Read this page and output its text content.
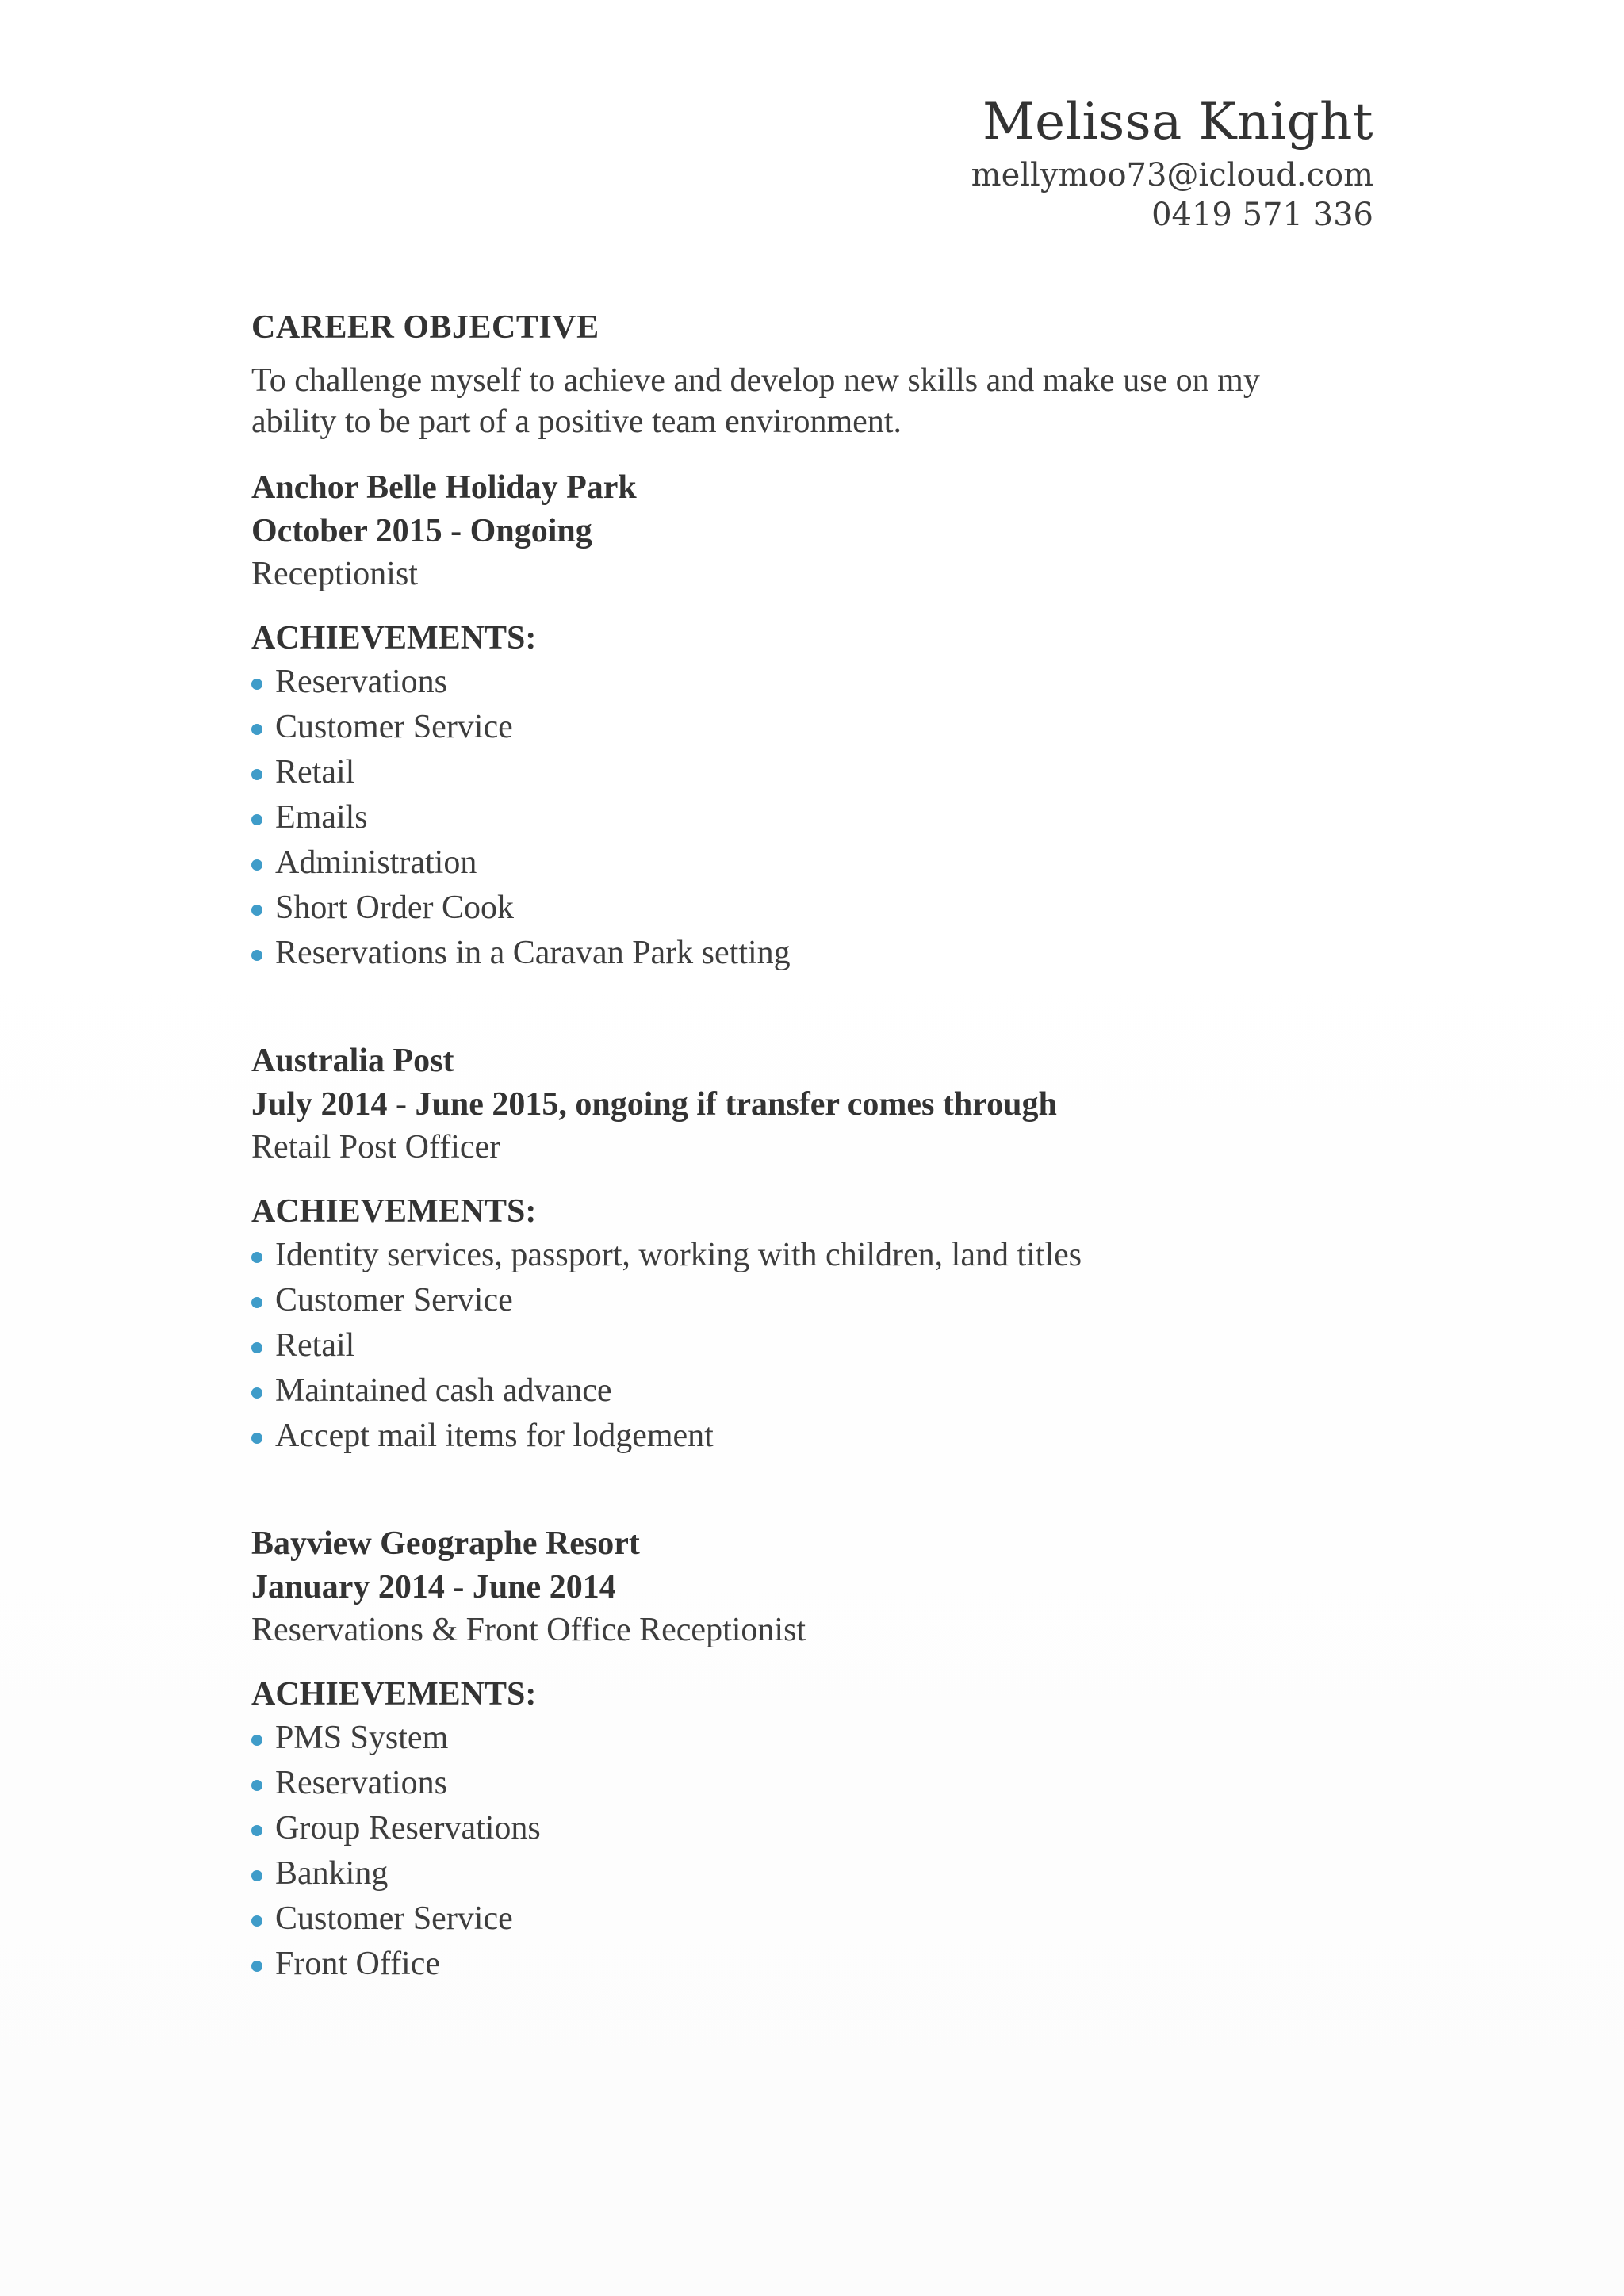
Melissa Knight
mellymoo73@icloud.com
0419 571 336
CAREER OBJECTIVE
To challenge myself to achieve and develop new skills and make use on my
ability to be part of a positive team environment.
Anchor Belle Holiday Park
October 2015 - Ongoing
Receptionist
ACHIEVEMENTS:
Reservations
Customer Service
Retail
Emails
Administration
Short Order Cook
Reservations in a Caravan Park setting
Australia Post
July 2014 - June 2015, ongoing if transfer comes through
Retail Post Officer
ACHIEVEMENTS:
Identity services, passport, working with children, land titles
Customer Service
Retail
Maintained cash advance
Accept mail items for lodgement
Bayview Geographe Resort
January 2014 - June 2014
Reservations & Front Office Receptionist
ACHIEVEMENTS:
PMS System
Reservations
Group Reservations
Banking
Customer Service
Front Office
